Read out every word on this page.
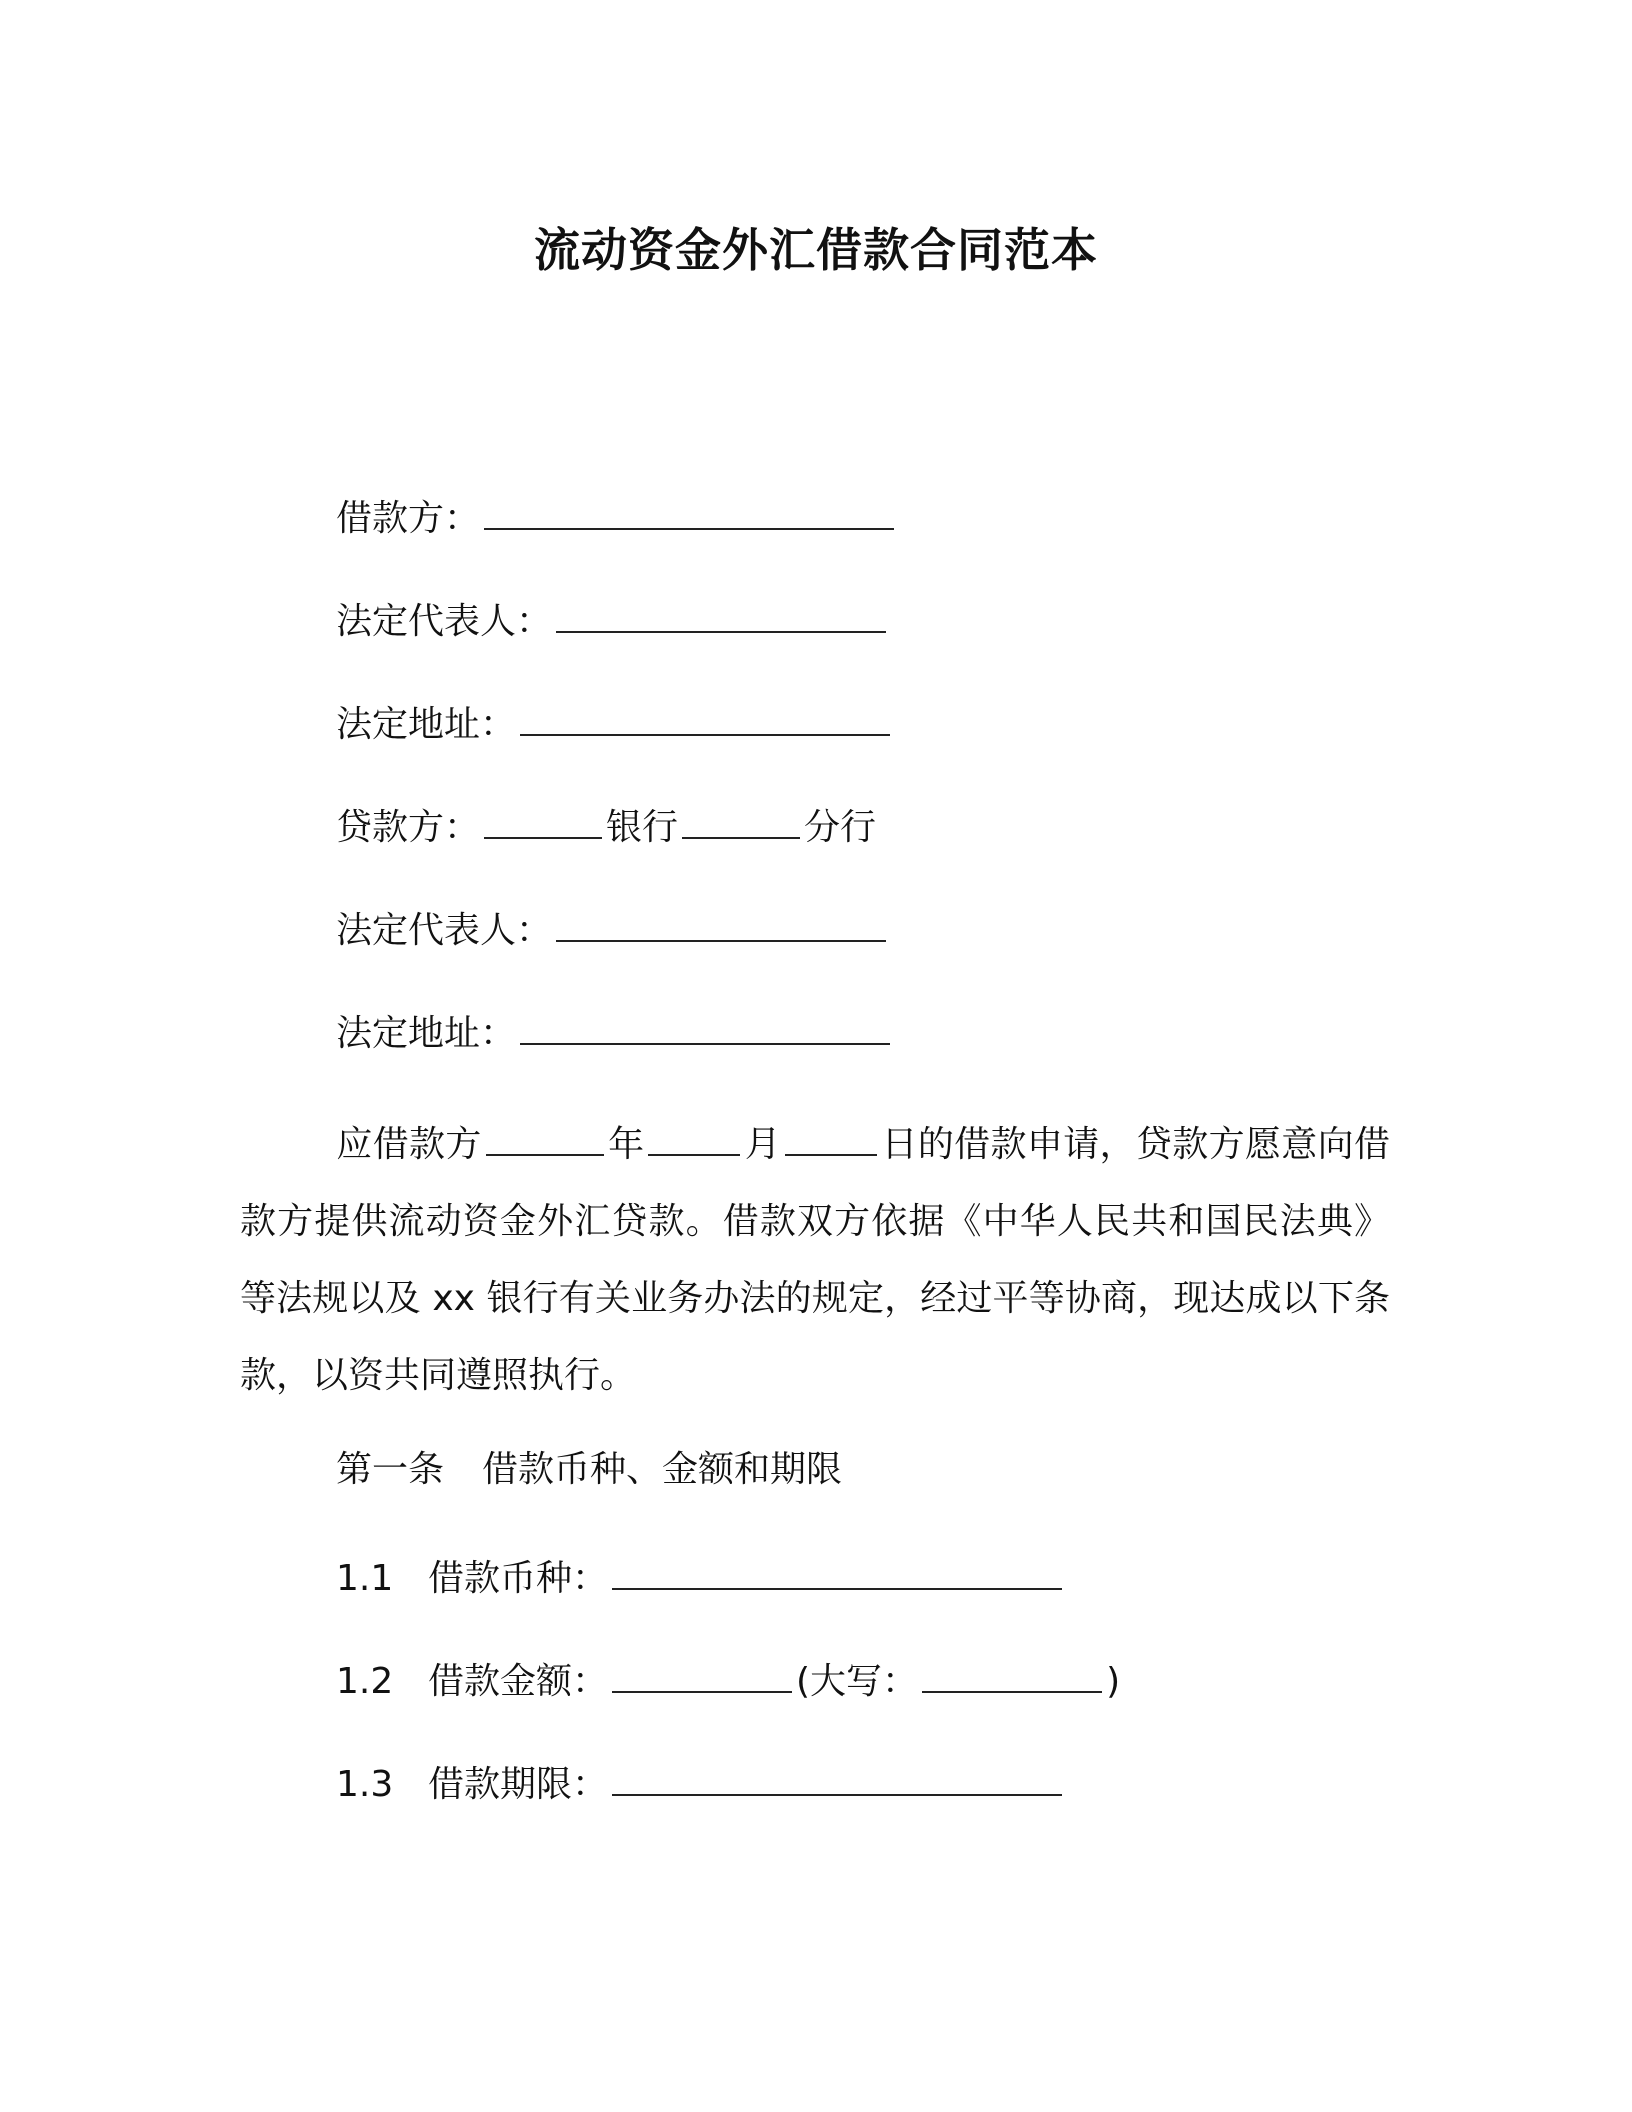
流动资金外汇借款合同范本
借款方：
法定代表人：
法定地址：
贷款方：	银行	分行
法定代表人：
法定地址：
应借款方	年	月	日的借款申请，贷款方愿意向借款方提供流动资金外汇贷款。借款双方依据《中华人民共和国民法典》等法规以及 xx 银行有关业务办法的规定，经过平等协商，现达成以下条款，以资共同遵照执行。
第一条 借款币种、金额和期限
1.1 借款币种：
1.2 借款金额：	(大写：	)
1.3 借款期限：
